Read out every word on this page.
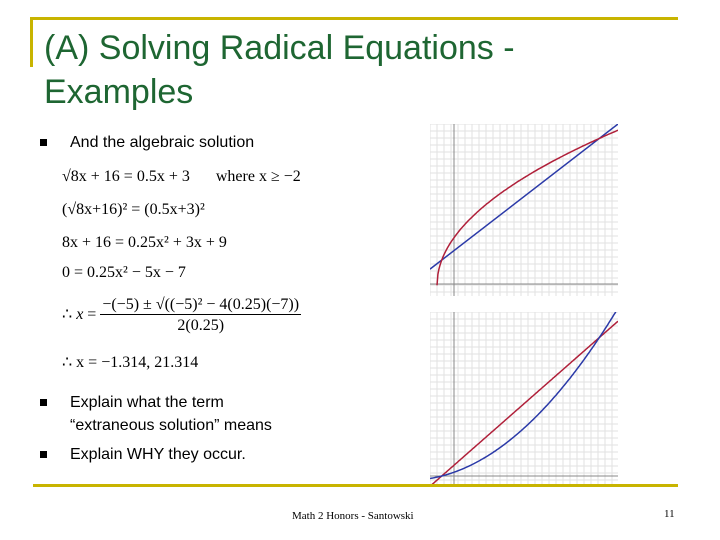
(A) Solving Radical Equations - Examples
And the algebraic solution
√8x + 16 = 0.5x + 3 where x ≥ −2
(√8x+16)² = (0.5x+3)²
8x + 16 = 0.25x² + 3x + 9
0 = 0.25x² − 5x − 7
∴ $x = \frac{\text{−(−5) ± √((−5)² − 4(0.25)(−7))}}{2(0.25)}$
∴ x = −1.314, 21.314
Explain what the term
“extraneous solution” means
Explain WHY they occur.
Math 2 Honors - Santowski	11
